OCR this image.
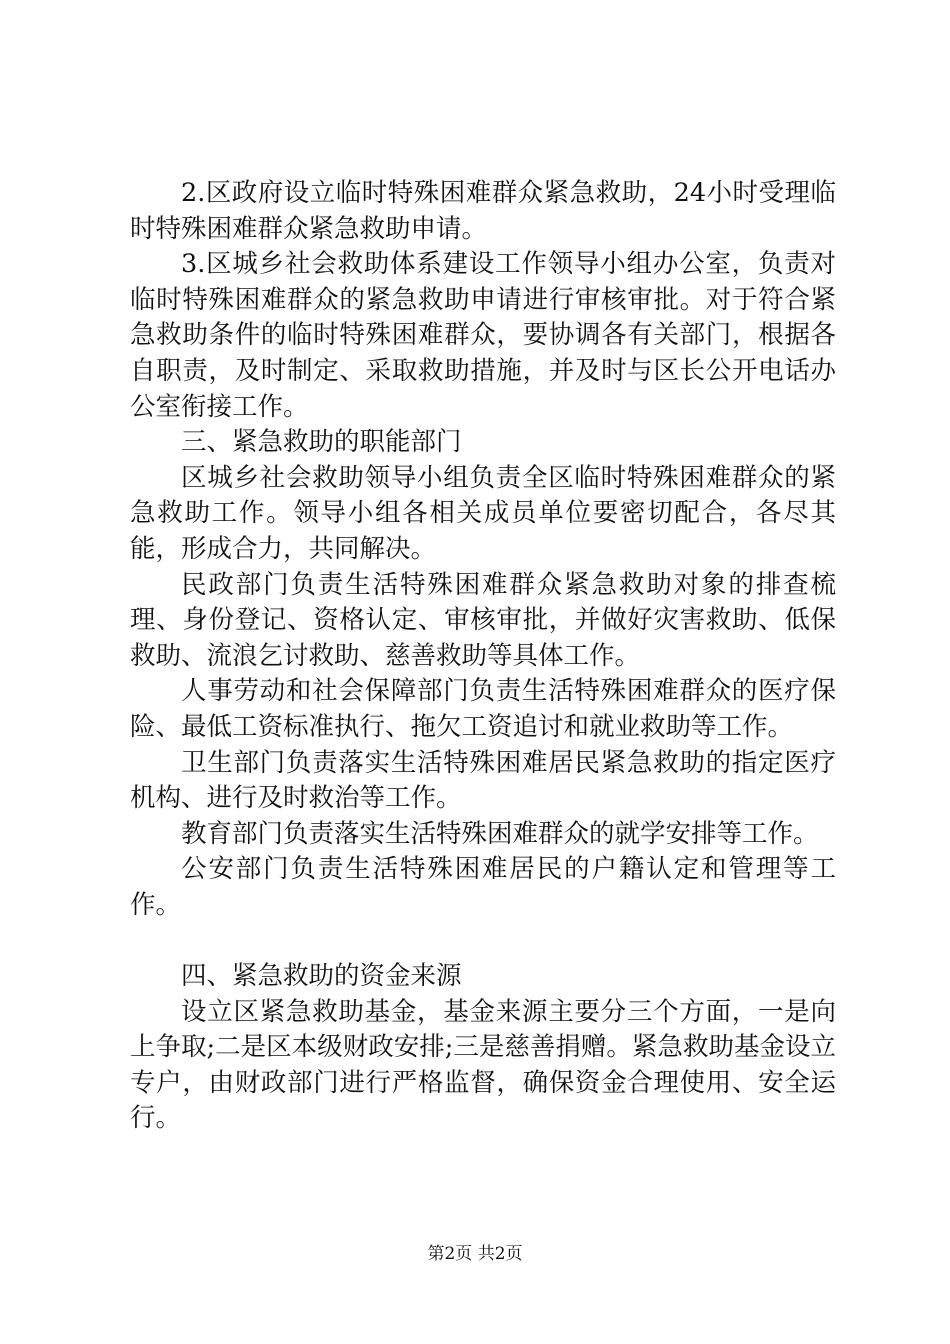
2.区政府设立临时特殊困难群众紧急救助，24小时受理临时特殊困难群众紧急救助申请。

3.区城乡社会救助体系建设工作领导小组办公室，负责对临时特殊困难群众的紧急救助申请进行审核审批。对于符合紧急救助条件的临时特殊困难群众，要协调各有关部门，根据各自职责，及时制定、采取救助措施，并及时与区长公开电话办公室衔接工作。

三、紧急救助的职能部门

区城乡社会救助领导小组负责全区临时特殊困难群众的紧急救助工作。领导小组各相关成员单位要密切配合，各尽其能，形成合力，共同解决。

民政部门负责生活特殊困难群众紧急救助对象的排查梳理、身份登记、资格认定、审核审批，并做好灾害救助、低保救助、流浪乞讨救助、慈善救助等具体工作。

人事劳动和社会保障部门负责生活特殊困难群众的医疗保险、最低工资标准执行、拖欠工资追讨和就业救助等工作。

卫生部门负责落实生活特殊困难居民紧急救助的指定医疗机构、进行及时救治等工作。

教育部门负责落实生活特殊困难群众的就学安排等工作。

公安部门负责生活特殊困难居民的户籍认定和管理等工作。

四、紧急救助的资金来源

设立区紧急救助基金，基金来源主要分三个方面，一是向上争取;二是区本级财政安排;三是慈善捐赠。紧急救助基金设立专户，由财政部门进行严格监督，确保资金合理使用、安全运行。

第2页 共2页
